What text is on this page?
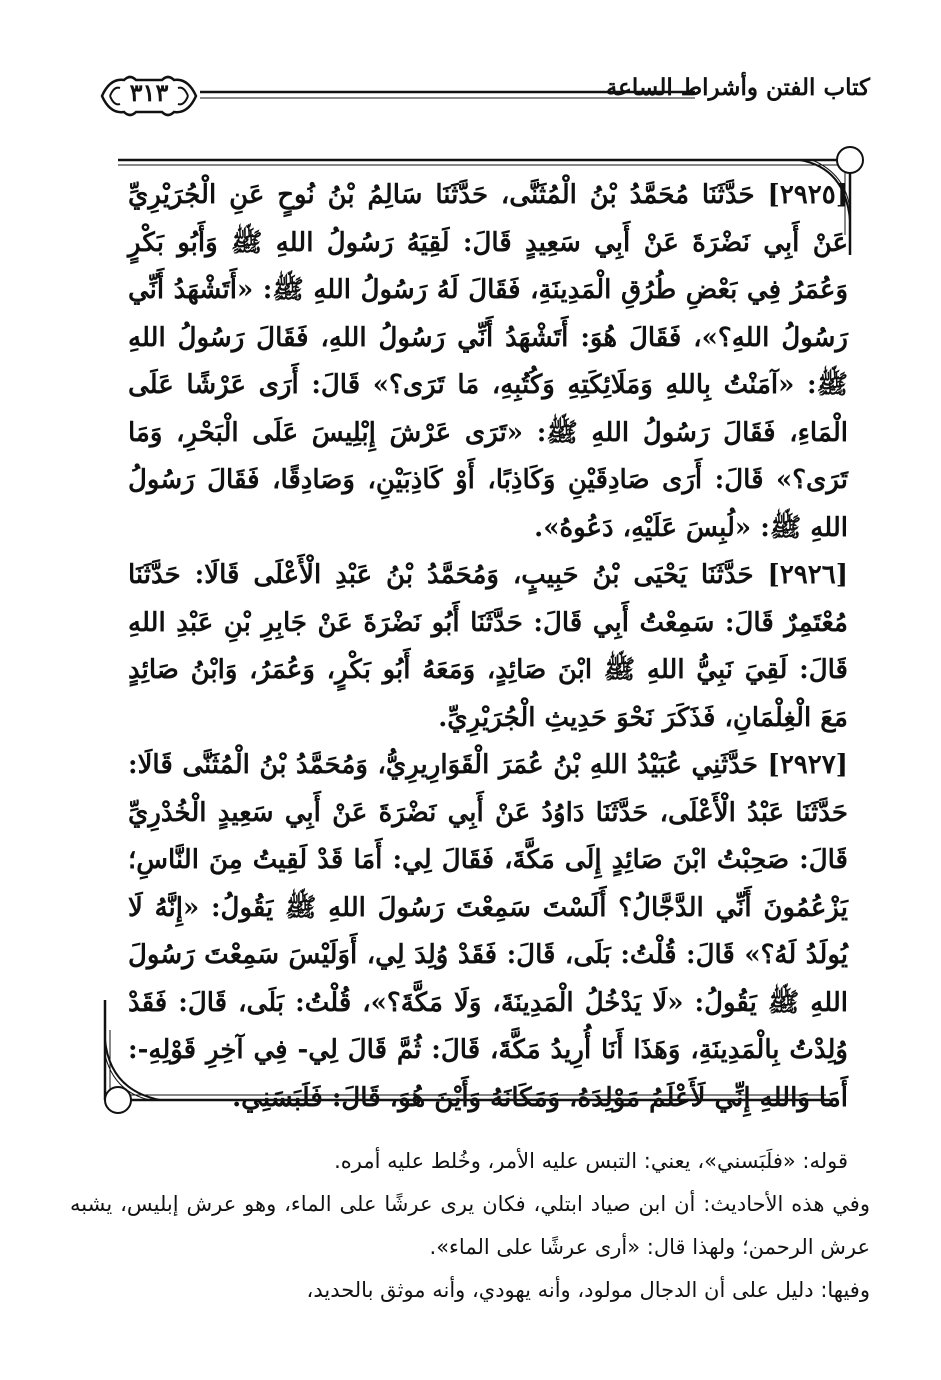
كتاب الفتن وأشراط الساعة
٣١٣

[٢٩٢٥] حَدَّثَنَا مُحَمَّدُ بْنُ الْمُثَنَّى، حَدَّثَنَا سَالِمُ بْنُ نُوحٍ عَنِ الْجُرَيْرِيِّ عَنْ أَبِي نَضْرَةَ عَنْ أَبِي سَعِيدٍ قَالَ: لَقِيَهُ رَسُولُ اللهِ ﷺ وَأَبُو بَكْرٍ وَعُمَرُ فِي بَعْضِ طُرُقِ الْمَدِينَةِ، فَقَالَ لَهُ رَسُولُ اللهِ ﷺ: «أَتَشْهَدُ أَنِّي رَسُولُ اللهِ؟»، فَقَالَ هُوَ: أَتَشْهَدُ أَنِّي رَسُولُ اللهِ، فَقَالَ رَسُولُ اللهِ ﷺ: «آمَنْتُ بِاللهِ وَمَلَائِكَتِهِ وَكُتُبِهِ، مَا تَرَى؟» قَالَ: أَرَى عَرْشًا عَلَى الْمَاءِ، فَقَالَ رَسُولُ اللهِ ﷺ: «تَرَى عَرْشَ إِبْلِيسَ عَلَى الْبَحْرِ، وَمَا تَرَى؟» قَالَ: أَرَى صَادِقَيْنِ وَكَاذِبًا، أَوْ كَاذِبَيْنِ، وَصَادِقًا، فَقَالَ رَسُولُ اللهِ ﷺ: «لُبِسَ عَلَيْهِ، دَعُوهُ».

[٢٩٢٦] حَدَّثَنَا يَحْيَى بْنُ حَبِيبٍ، وَمُحَمَّدُ بْنُ عَبْدِ الْأَعْلَى قَالَا: حَدَّثَنَا مُعْتَمِرٌ قَالَ: سَمِعْتُ أَبِي قَالَ: حَدَّثَنَا أَبُو نَضْرَةَ عَنْ جَابِرِ بْنِ عَبْدِ اللهِ قَالَ: لَقِيَ نَبِيُّ اللهِ ﷺ ابْنَ صَائِدٍ، وَمَعَهُ أَبُو بَكْرٍ، وَعُمَرُ، وَابْنُ صَائِدٍ مَعَ الْغِلْمَانِ، فَذَكَرَ نَحْوَ حَدِيثِ الْجُرَيْرِيِّ.

[٢٩٢٧] حَدَّثَنِي عُبَيْدُ اللهِ بْنُ عُمَرَ الْقَوَارِيرِيُّ، وَمُحَمَّدُ بْنُ الْمُثَنَّى قَالَا: حَدَّثَنَا عَبْدُ الْأَعْلَى، حَدَّثَنَا دَاوُدُ عَنْ أَبِي نَضْرَةَ عَنْ أَبِي سَعِيدٍ الْخُدْرِيِّ قَالَ: صَحِبْتُ ابْنَ صَائِدٍ إِلَى مَكَّةَ، فَقَالَ لِي: أَمَا قَدْ لَقِيتُ مِنَ النَّاسِ؛ يَزْعُمُونَ أَنِّي الدَّجَّالُ؟ أَلَسْتَ سَمِعْتَ رَسُولَ اللهِ ﷺ يَقُولُ: «إِنَّهُ لَا يُولَدُ لَهُ؟» قَالَ: قُلْتُ: بَلَى، قَالَ: فَقَدْ وُلِدَ لِي، أَوَلَيْسَ سَمِعْتَ رَسُولَ اللهِ ﷺ يَقُولُ: «لَا يَدْخُلُ الْمَدِينَةَ، وَلَا مَكَّةَ؟»، قُلْتُ: بَلَى، قَالَ: فَقَدْ وُلِدْتُ بِالْمَدِينَةِ، وَهَذَا أَنَا أُرِيدُ مَكَّةَ، قَالَ: ثُمَّ قَالَ لِي- فِي آخِرِ قَوْلِهِ-: أَمَا وَاللهِ إِنِّي لَأَعْلَمُ مَوْلِدَهُ، وَمَكَانَهُ وَأَيْنَ هُوَ، قَالَ: فَلَبَسَنِي.

قوله: «فلَبَسني»، يعني: التبس عليه الأمر، وخُلط عليه أمره.

وفي هذه الأحاديث: أن ابن صياد ابتلي، فكان يرى عرشًا على الماء، وهو عرش إبليس، يشبه عرش الرحمن؛ ولهذا قال: «أرى عرشًا على الماء».

وفيها: دليل على أن الدجال مولود، وأنه يهودي، وأنه موثق بالحديد،
